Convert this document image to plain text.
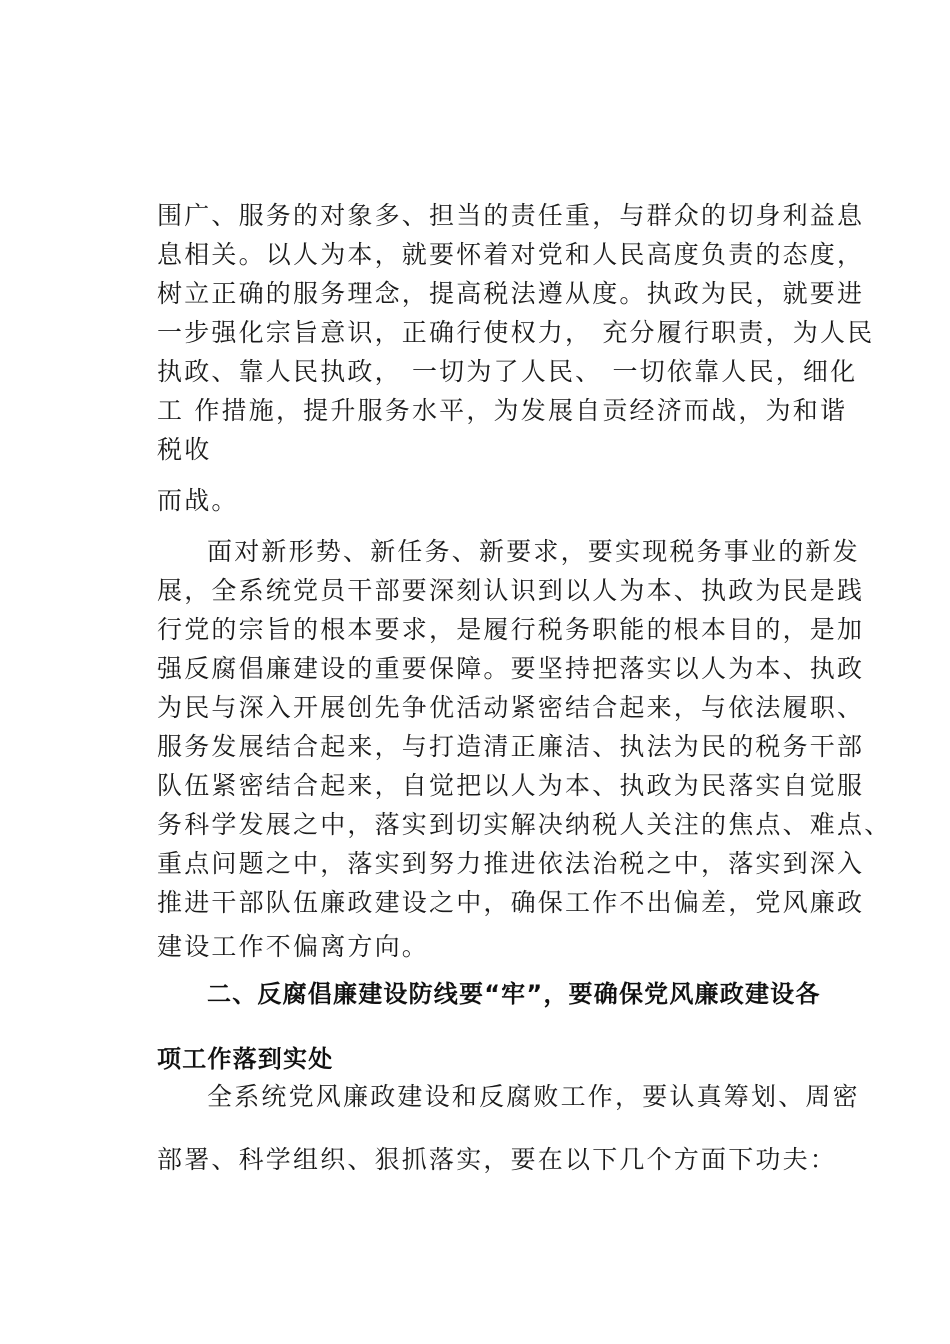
围广、服务的对象多、担当的责任重，与群众的切身利益息

息相关。以人为本，就要怀着对党和人民高度负责的态度，

树立正确的服务理念，提高税法遵从度。执政为民，就要进

一步强化宗旨意识，正确行使权力， 充分履行职责，为人民

执政、靠人民执政， 一切为了人民、 一切依靠人民，细化

工 作措施，提升服务水平，为发展自贡经济而战，为和谐

税收

而战。

面对新形势、新任务、新要求，要实现税务事业的新发

展，全系统党员干部要深刻认识到以人为本、执政为民是践

行党的宗旨的根本要求，是履行税务职能的根本目的，是加

强反腐倡廉建设的重要保障。要坚持把落实以人为本、执政

为民与深入开展创先争优活动紧密结合起来，与依法履职、

服务发展结合起来，与打造清正廉洁、执法为民的税务干部

队伍紧密结合起来，自觉把以人为本、执政为民落实自觉服

务科学发展之中，落实到切实解决纳税人关注的焦点、难点、

重点问题之中，落实到努力推进依法治税之中，落实到深入

推进干部队伍廉政建设之中，确保工作不出偏差，党风廉政

建设工作不偏离方向。

二、反腐倡廉建设防线要“牢”，要确保党风廉政建设各

项工作落到实处

全系统党风廉政建设和反腐败工作，要认真筹划、周密

部署、科学组织、狠抓落实，要在以下几个方面下功夫：
